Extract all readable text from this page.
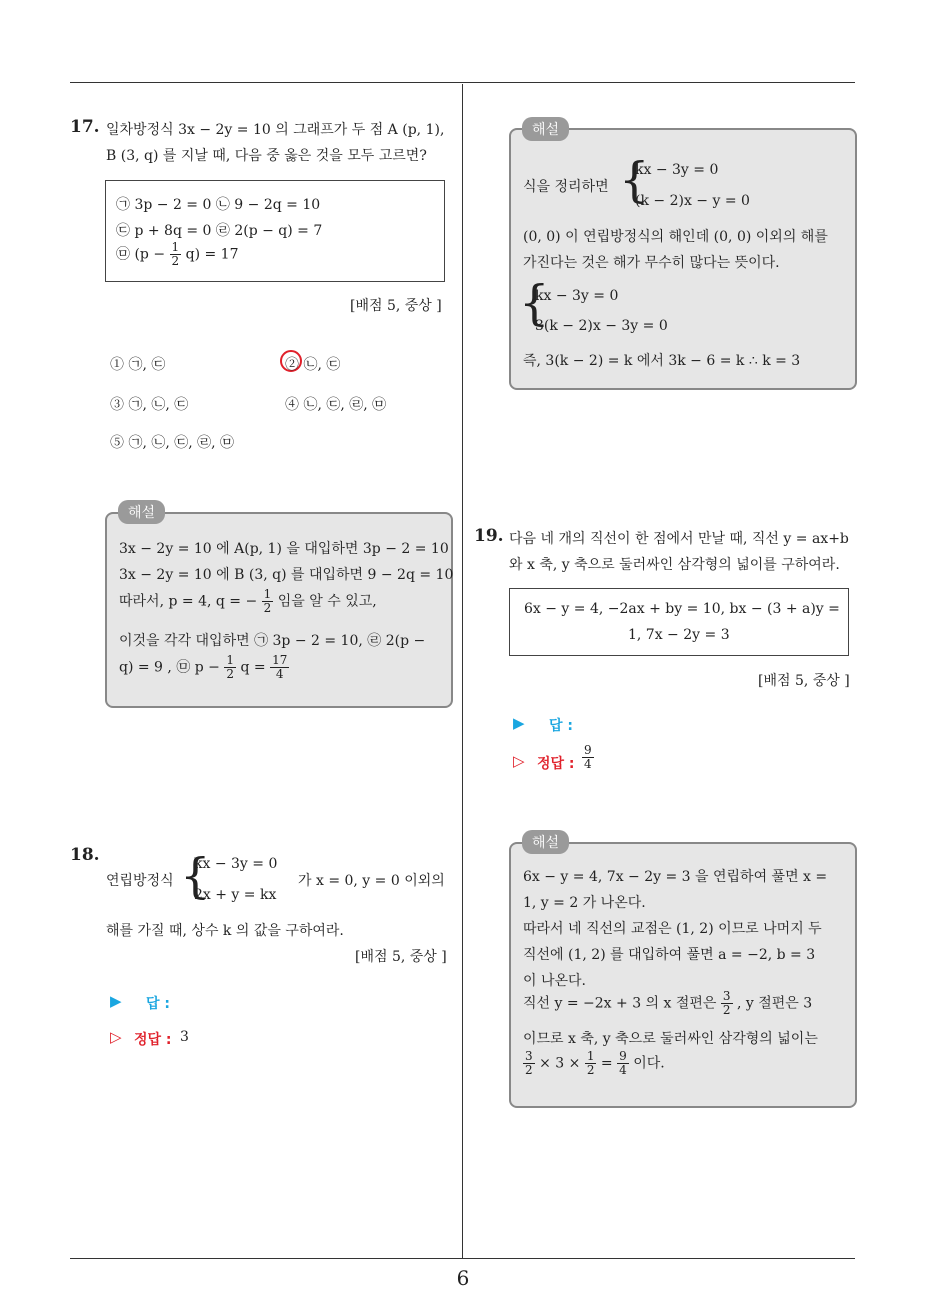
6
17. 일차방정식 3x − 2y = 10 의 그래프가 두 점 A (p, 1),
B (3, q) 를 지날 때, 다음 중 옳은 것을 모두 고르면?
㉠ 3p − 2 = 0 ㉡ 9 − 2q = 10
㉢ p + 8q = 0 ㉣ 2(p − q) = 7
㉤ $(p - \frac{1}{2} q) = 17$
[배점 5, 중상 ]
① ㉠, ㉢	② ㉡, ㉢
③ ㉠, ㉡, ㉢	④ ㉡, ㉢, ㉣, ㉤
⑤ ㉠, ㉡, ㉢, ㉣, ㉤
3x − 2y = 10 에 A(p, 1) 을 대입하면 3p − 2 = 10
3x − 2y = 10 에 B (3, q) 를 대입하면 9 − 2q = 10
따라서, p = 4, q = − $\frac{1}{2}$ 임을 알 수 있고,
이것을 각각 대입하면 ㉠ 3p − 2 = 10, ㉣ 2(p −
q) = 9 , ㉤ $p - \frac{1}{2}$ $q = \frac{17}{4}$
해설
18.
연립방정식 {
kx − 3y = 0
2x + y = kx
가 x = 0, y = 0 이외의
해를 가질 때, 상수 k 의 값을 구하여라.
[배점 5, 중상 ]
▶ 답 :
▷ 정답 : 3
식을 정리하면 {
kx − 3y = 0
(k − 2)x − y = 0
(0, 0) 이 연립방정식의 해인데 (0, 0) 이외의 해를
가진다는 것은 해가 무수히 많다는 뜻이다.
{
kx − 3y = 0
3(k − 2)x − 3y = 0
즉, 3(k − 2) = k 에서 3k − 6 = k ∴ k = 3
해설
19. 다음 네 개의 직선이 한 점에서 만날 때, 직선 y = ax+b
와 x 축, y 축으로 둘러싸인 삼각형의 넓이를 구하여라.
6x − y = 4, −2ax + by = 10, bx − (3 + a)y =
1, 7x − 2y = 3
[배점 5, 중상 ]
▶ 답 :
▷ 정답 : $\frac{9}{4}$
6x − y = 4, 7x − 2y = 3 을 연립하여 풀면 x =
1, y = 2 가 나온다.
따라서 네 직선의 교점은 (1, 2) 이므로 나머지 두
직선에 (1, 2) 를 대입하여 풀면 a = −2, b = 3
이 나온다.
직선 y = −2x + 3 의 x 절편은 $\frac{3}{2}$ , y 절편은 3
이므로 x 축, y 축으로 둘러싸인 삼각형의 넓이는
$\frac{3}{2} \times 3 \times \frac{1}{2} = \frac{9}{4}$ 이다.
해설
